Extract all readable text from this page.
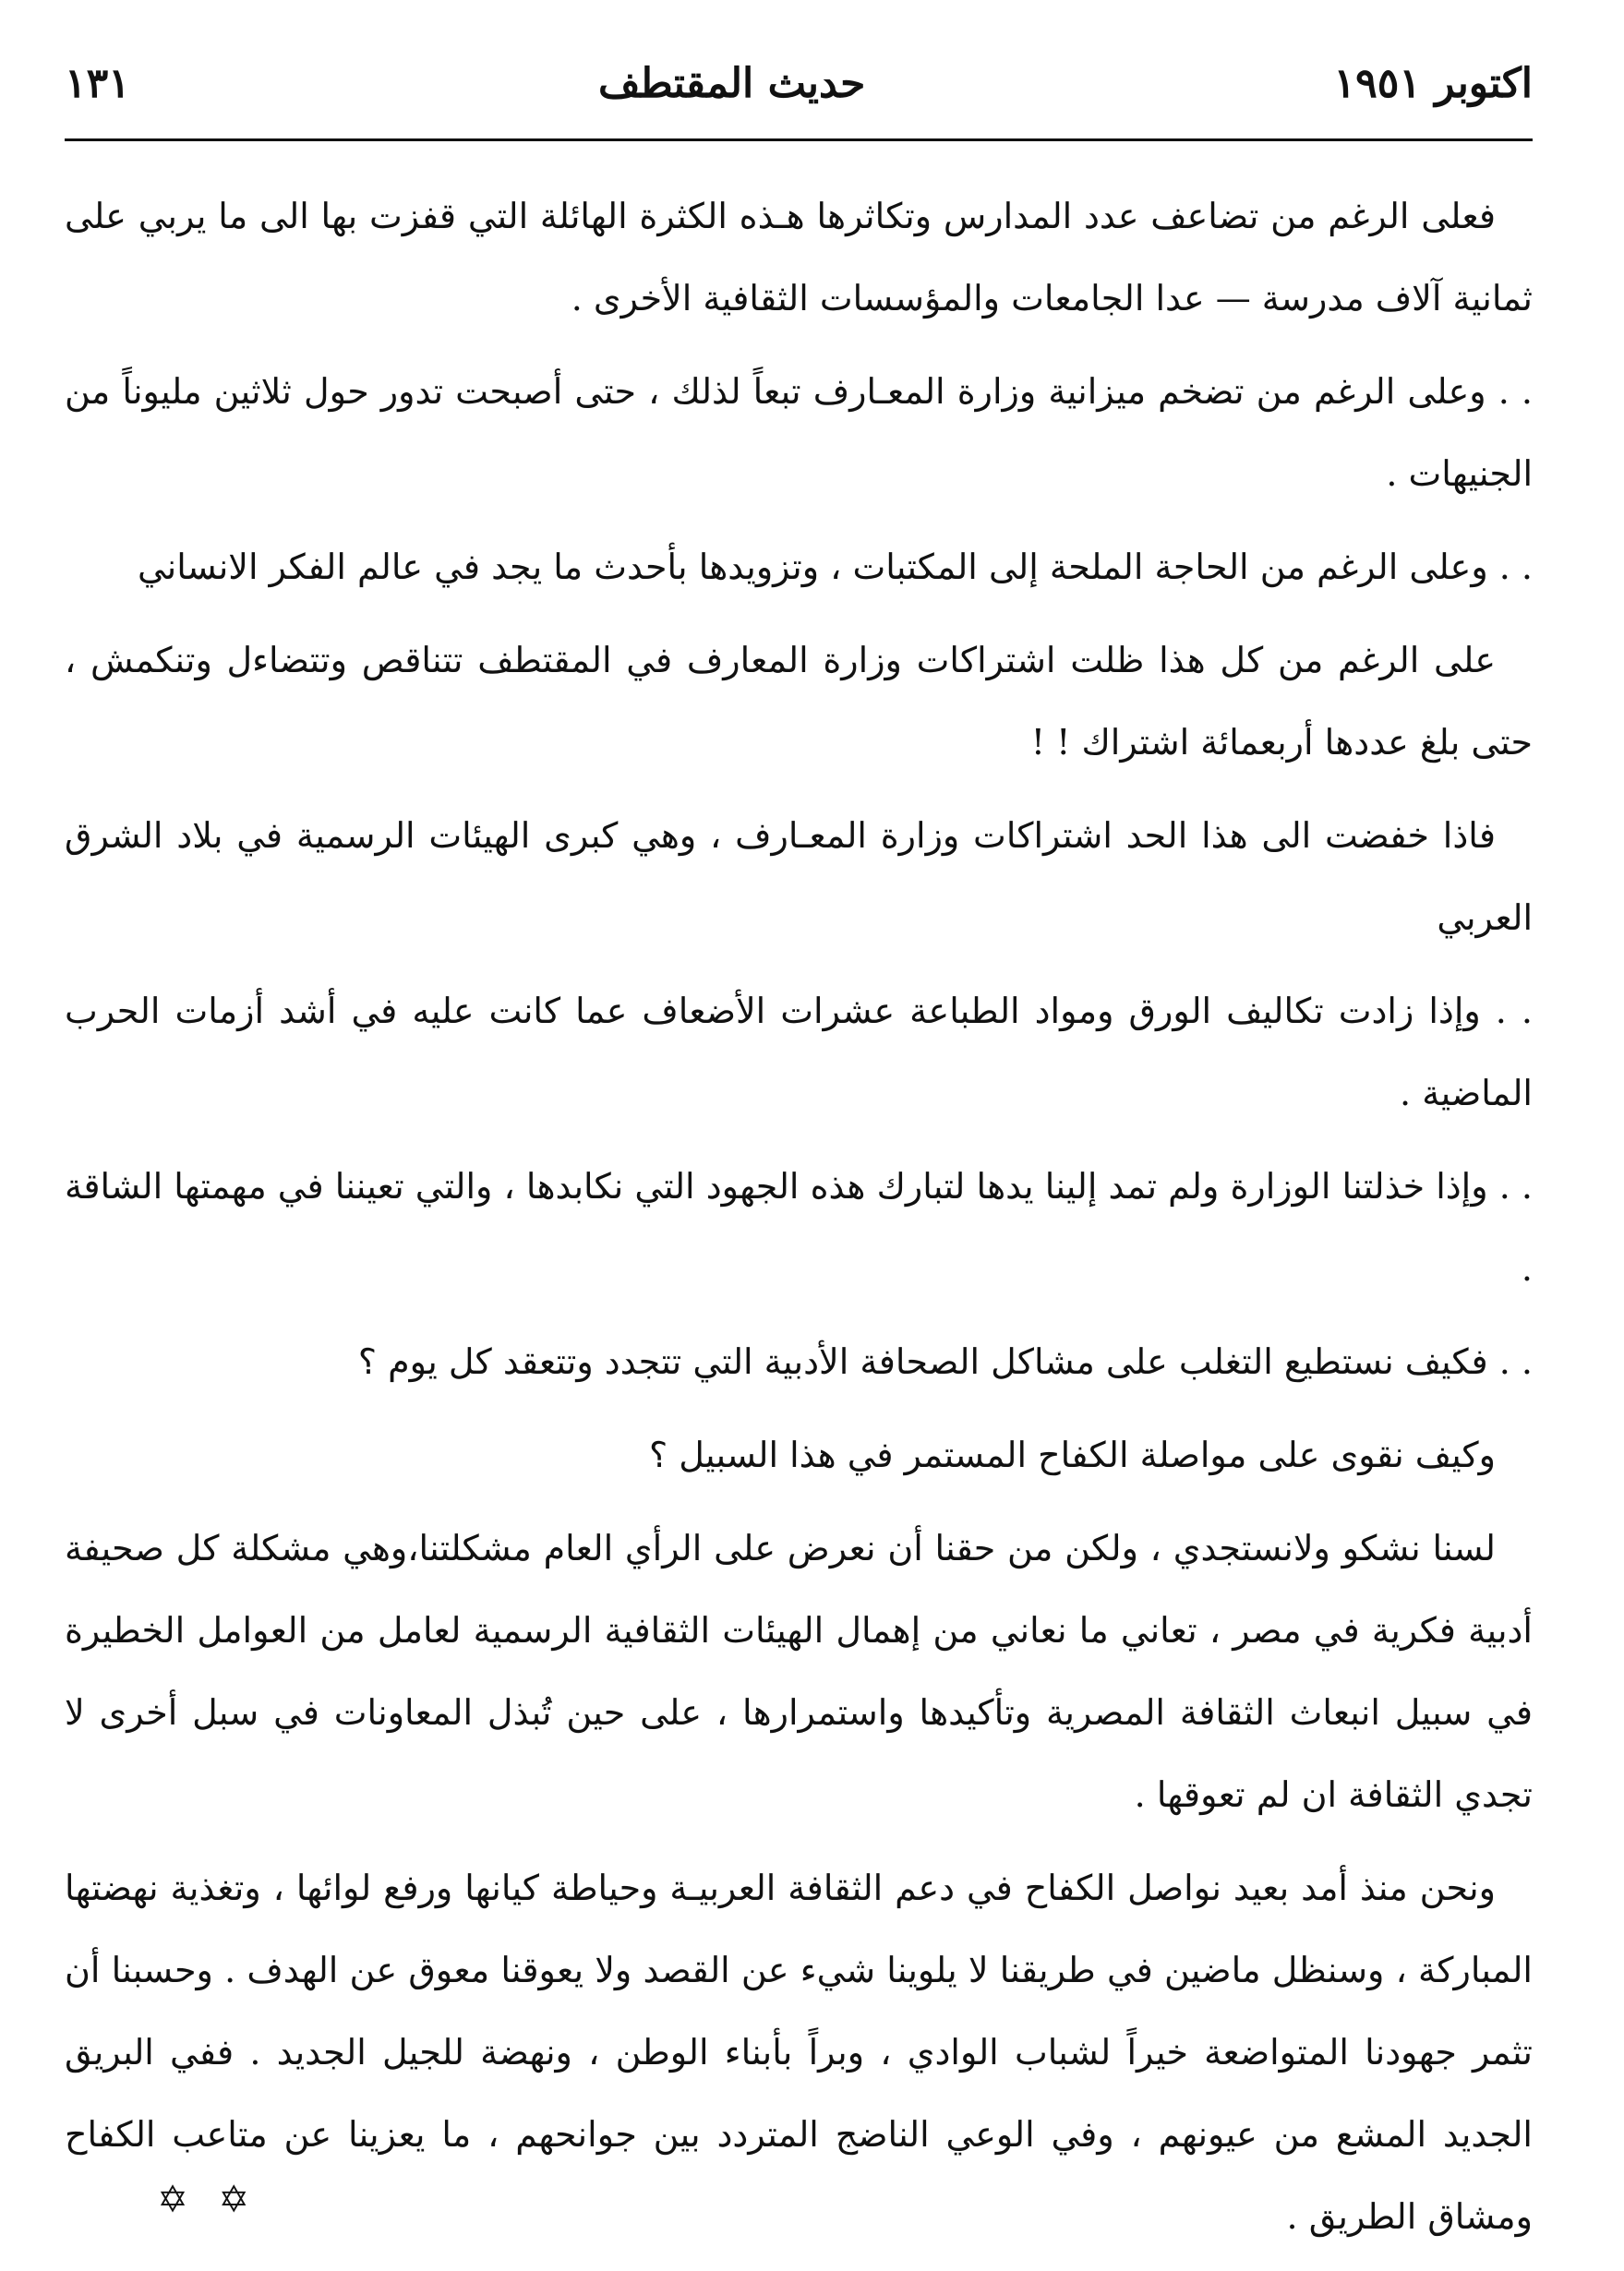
اكتوبر ١٩٥١
حديث المقتطف
١٣١

فعلى الرغم من تضاعف عدد المدارس وتكاثرها هـذه الكثرة الهائلة التي قفزت بها الى ما يربي على ثمانية آلاف مدرسة — عدا الجامعات والمؤسسات الثقافية الأخرى .

. . وعلى الرغم من تضخم ميزانية وزارة المعـارف تبعاً لذلك ، حتى أصبحت تدور حول ثلاثين مليوناً من الجنيهات .

. . وعلى الرغم من الحاجة الملحة إلى المكتبات ، وتزويدها بأحدث ما يجد في عالم الفكر الانساني

على الرغم من كل هذا ظلت اشتراكات وزارة المعارف في المقتطف تتناقص وتتضاءل وتنكمش ، حتى بلغ عددها أربعمائة اشتراك ! !

فاذا خفضت الى هذا الحد اشتراكات وزارة المعـارف ، وهي كبرى الهيئات الرسمية في بلاد الشرق العربي

. . وإذا زادت تكاليف الورق ومواد الطباعة عشرات الأضعاف عما كانت عليه في أشد أزمات الحرب الماضية .

. . وإذا خذلتنا الوزارة ولم تمد إلينا يدها لتبارك هذه الجهود التي نكابدها ، والتي تعيننا في مهمتها الشاقة .

. . فكيف نستطيع التغلب على مشاكل الصحافة الأدبية التي تتجدد وتتعقد كل يوم ؟

وكيف نقوى على مواصلة الكفاح المستمر في هذا السبيل ؟

لسنا نشكو ولانستجدي ، ولكن من حقنا أن نعرض على الرأي العام مشكلتنا،وهي مشكلة كل صحيفة أدبية فكرية في مصر ، تعاني ما نعاني من إهمال الهيئات الثقافية الرسمية لعامل من العوامل الخطيرة في سبيل انبعاث الثقافة المصرية وتأكيدها واستمرارها ، على حين تُبذل المعاونات في سبل أخرى لا تجدي الثقافة ان لم تعوقها .

ونحن منذ أمد بعيد نواصل الكفاح في دعم الثقافة العربيـة وحياطة كيانها ورفع لوائها ، وتغذية نهضتها المباركة ، وسنظل ماضين في طريقنا لا يلوينا شيء عن القصد ولا يعوقنا معوق عن الهدف . وحسبنا أن تثمر جهودنا المتواضعة خيراً لشباب الوادي ، وبراً بأبناء الوطن ، ونهضة للجيل الجديد . ففي البريق الجديد المشع من عيونهم ، وفي الوعي الناضج المتردد بين جوانحهم ، ما يعزينا عن متاعب الكفاح ومشاق الطريق .

✡ ✡
